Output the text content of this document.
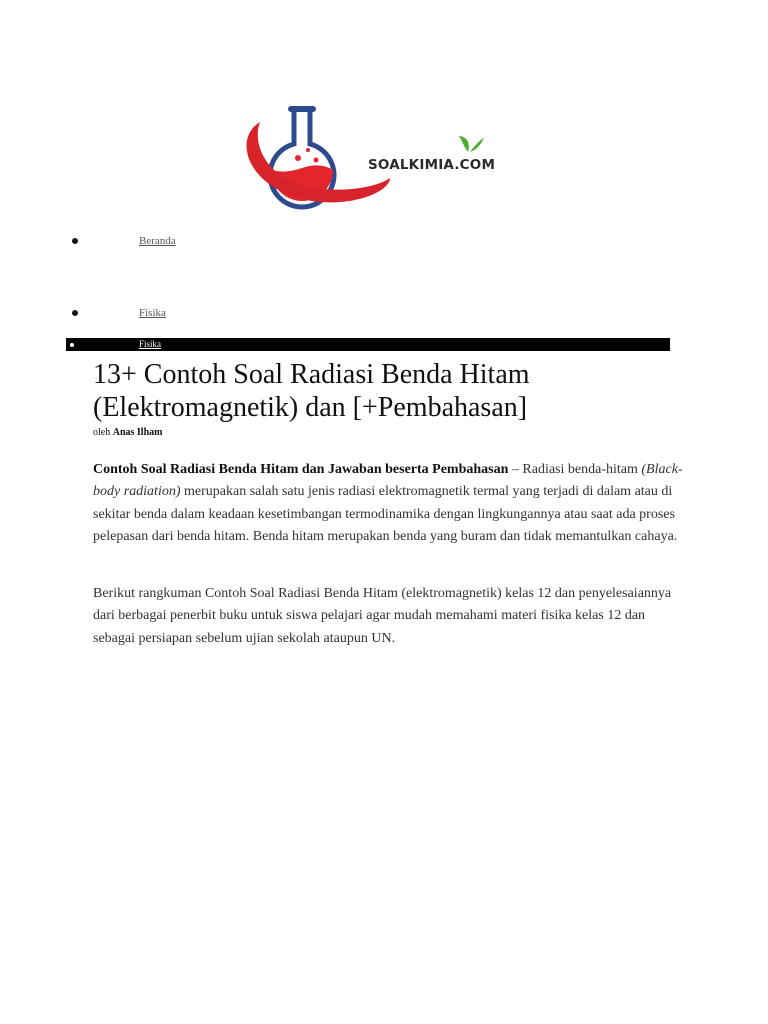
SOALKIMIA.COM
Beranda
Fisika
Fisika
13+ Contoh Soal Radiasi Benda Hitam (Elektromagnetik) dan [+Pembahasan]
oleh Anas Ilham

Contoh Soal Radiasi Benda Hitam dan Jawaban beserta Pembahasan – Radiasi benda-hitam (Black-body radiation) merupakan salah satu jenis radiasi elektromagnetik termal yang terjadi di dalam atau di sekitar benda dalam keadaan kesetimbangan termodinamika dengan lingkungannya atau saat ada proses pelepasan dari benda hitam. Benda hitam merupakan benda yang buram dan tidak memantulkan cahaya.

Berikut rangkuman Contoh Soal Radiasi Benda Hitam (elektromagnetik) kelas 12 dan penyelesaiannya dari berbagai penerbit buku untuk siswa pelajari agar mudah memahami materi fisika kelas 12 dan sebagai persiapan sebelum ujian sekolah ataupun UN.
